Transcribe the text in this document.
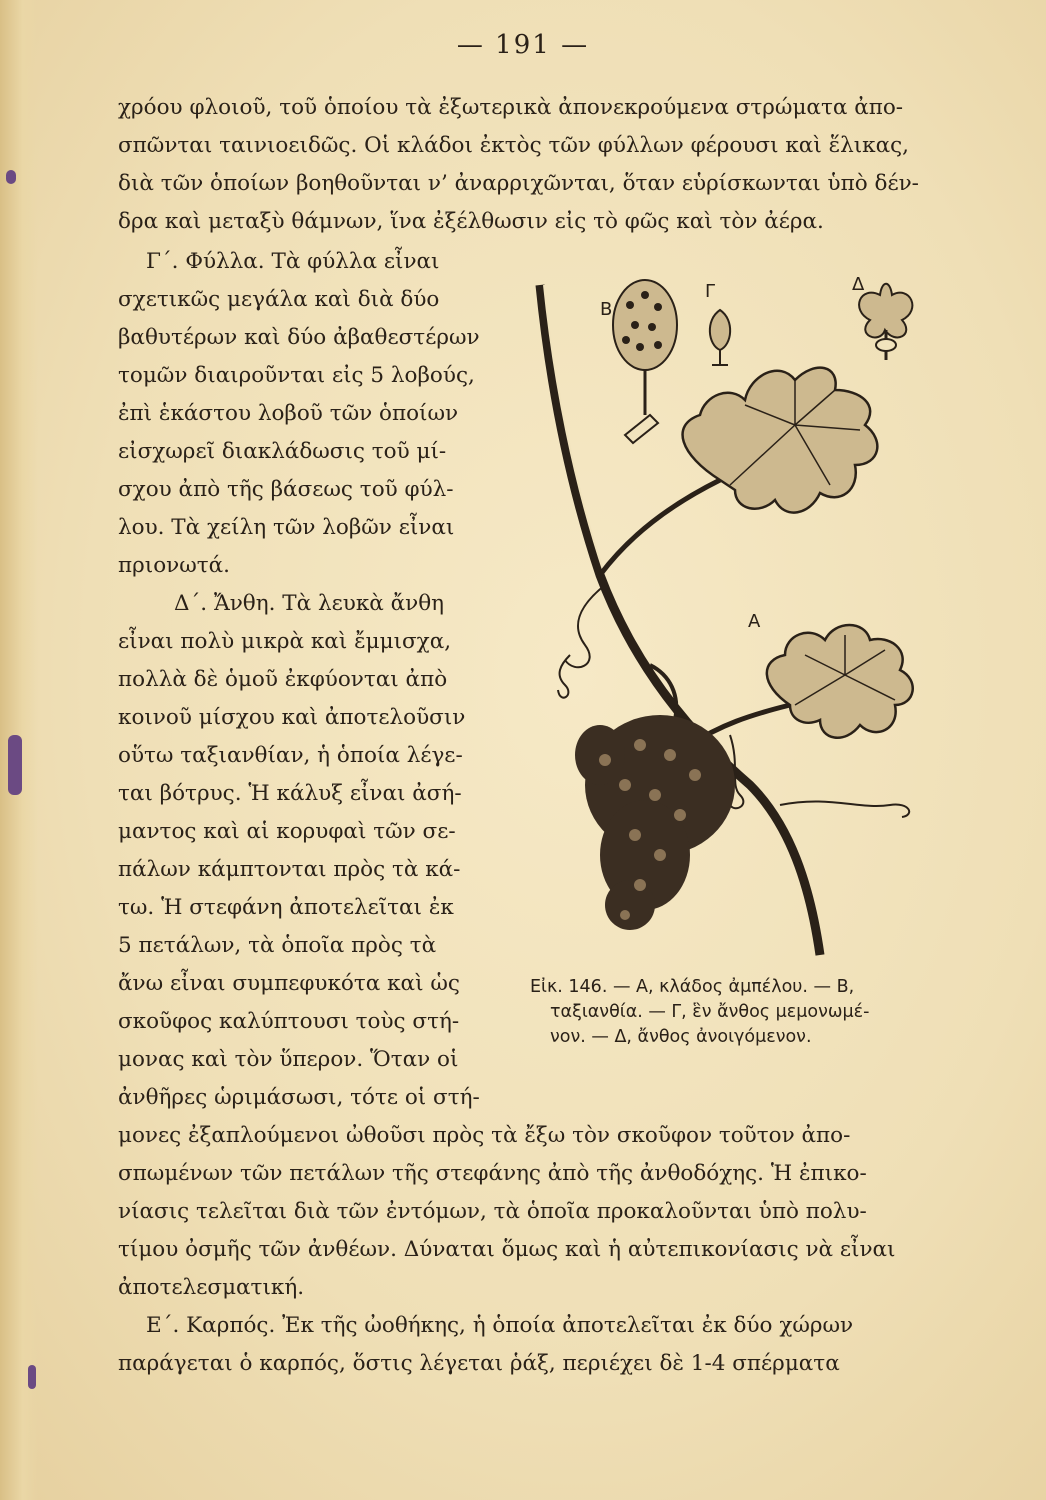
— 191 —
χρόου φλοιοῦ, τοῦ ὁποίου τὰ ἐξωτερικὰ ἀπονεκρούμενα στρώματα ἀπο-
σπῶνται ταινιοειδῶς. Οἱ κλάδοι ἐκτὸς τῶν φύλλων φέρουσι καὶ ἕλικας,
διὰ τῶν ὁποίων βοηθοῦνται ν’ ἀναρριχῶνται, ὅταν εὑρίσκωνται ὑπὸ δέν-
δρα καὶ μεταξὺ θάμνων, ἵνα ἐξέλθωσιν εἰς τὸ φῶς καὶ τὸν ἀέρα.
Γ΄. Φύλλα. Τὰ φύλλα εἶναι
σχετικῶς μεγάλα καὶ διὰ δύο
βαθυτέρων καὶ δύο ἀβαθεστέρων
τομῶν διαιροῦνται εἰς 5 λοβούς,
ἐπὶ ἑκάστου λοβοῦ τῶν ὁποίων
εἰσχωρεῖ διακλάδωσις τοῦ μί-
σχου ἀπὸ τῆς βάσεως τοῦ φύλ-
λου. Τὰ χείλη τῶν λοβῶν εἶναι
πριονωτά.
Δ΄. Ἄνθη. Τὰ λευκὰ ἄνθη
εἶναι πολὺ μικρὰ καὶ ἔμμισχα,
πολλὰ δὲ ὁμοῦ ἐκφύονται ἀπὸ
κοινοῦ μίσχου καὶ ἀποτελοῦσιν
οὕτω ταξιανθίαν, ἡ ὁποία λέγε-
ται βότρυς. Ἡ κάλυξ εἶναι ἀσή-
μαντος καὶ αἱ κορυφαὶ τῶν σε-
πάλων κάμπτονται πρὸς τὰ κά-
τω. Ἡ στεφάνη ἀποτελεῖται ἐκ
5 πετάλων, τὰ ὁποῖα πρὸς τὰ
ἄνω εἶναι συμπεφυκότα καὶ ὡς
σκοῦφος καλύπτουσι τοὺς στή-
μονας καὶ τὸν ὕπερον. Ὅταν οἱ
ἀνθῆρες ὡριμάσωσι, τότε οἱ στή-
μονες ἐξαπλούμενοι ὠθοῦσι πρὸς τὰ ἔξω τὸν σκοῦφον τοῦτον ἀπο-
σπωμένων τῶν πετάλων τῆς στεφάνης ἀπὸ τῆς ἀνθοδόχης. Ἡ ἐπικο-
νίασις τελεῖται διὰ τῶν ἐντόμων, τὰ ὁποῖα προκαλοῦνται ὑπὸ πολυ-
τίμου ὀσμῆς τῶν ἀνθέων. Δύναται ὅμως καὶ ἡ αὐτεπικονίασις νὰ εἶναι
ἀποτελεσματική.
Ε΄. Καρπός. Ἐκ τῆς ὠοθήκης, ἡ ὁποία ἀποτελεῖται ἐκ δύο χώρων
παράγεται ὁ καρπός, ὅστις λέγεται ῥάξ, περιέχει δὲ 1-4 σπέρματα
Β
Γ	Δ
Α
Εἰκ. 146. — Α, κλάδος ἀμπέλου. — Β,
ταξιανθία. — Γ, ἓν ἄνθος μεμονωμέ-
νον. — Δ, ἄνθος ἀνοιγόμενον.
